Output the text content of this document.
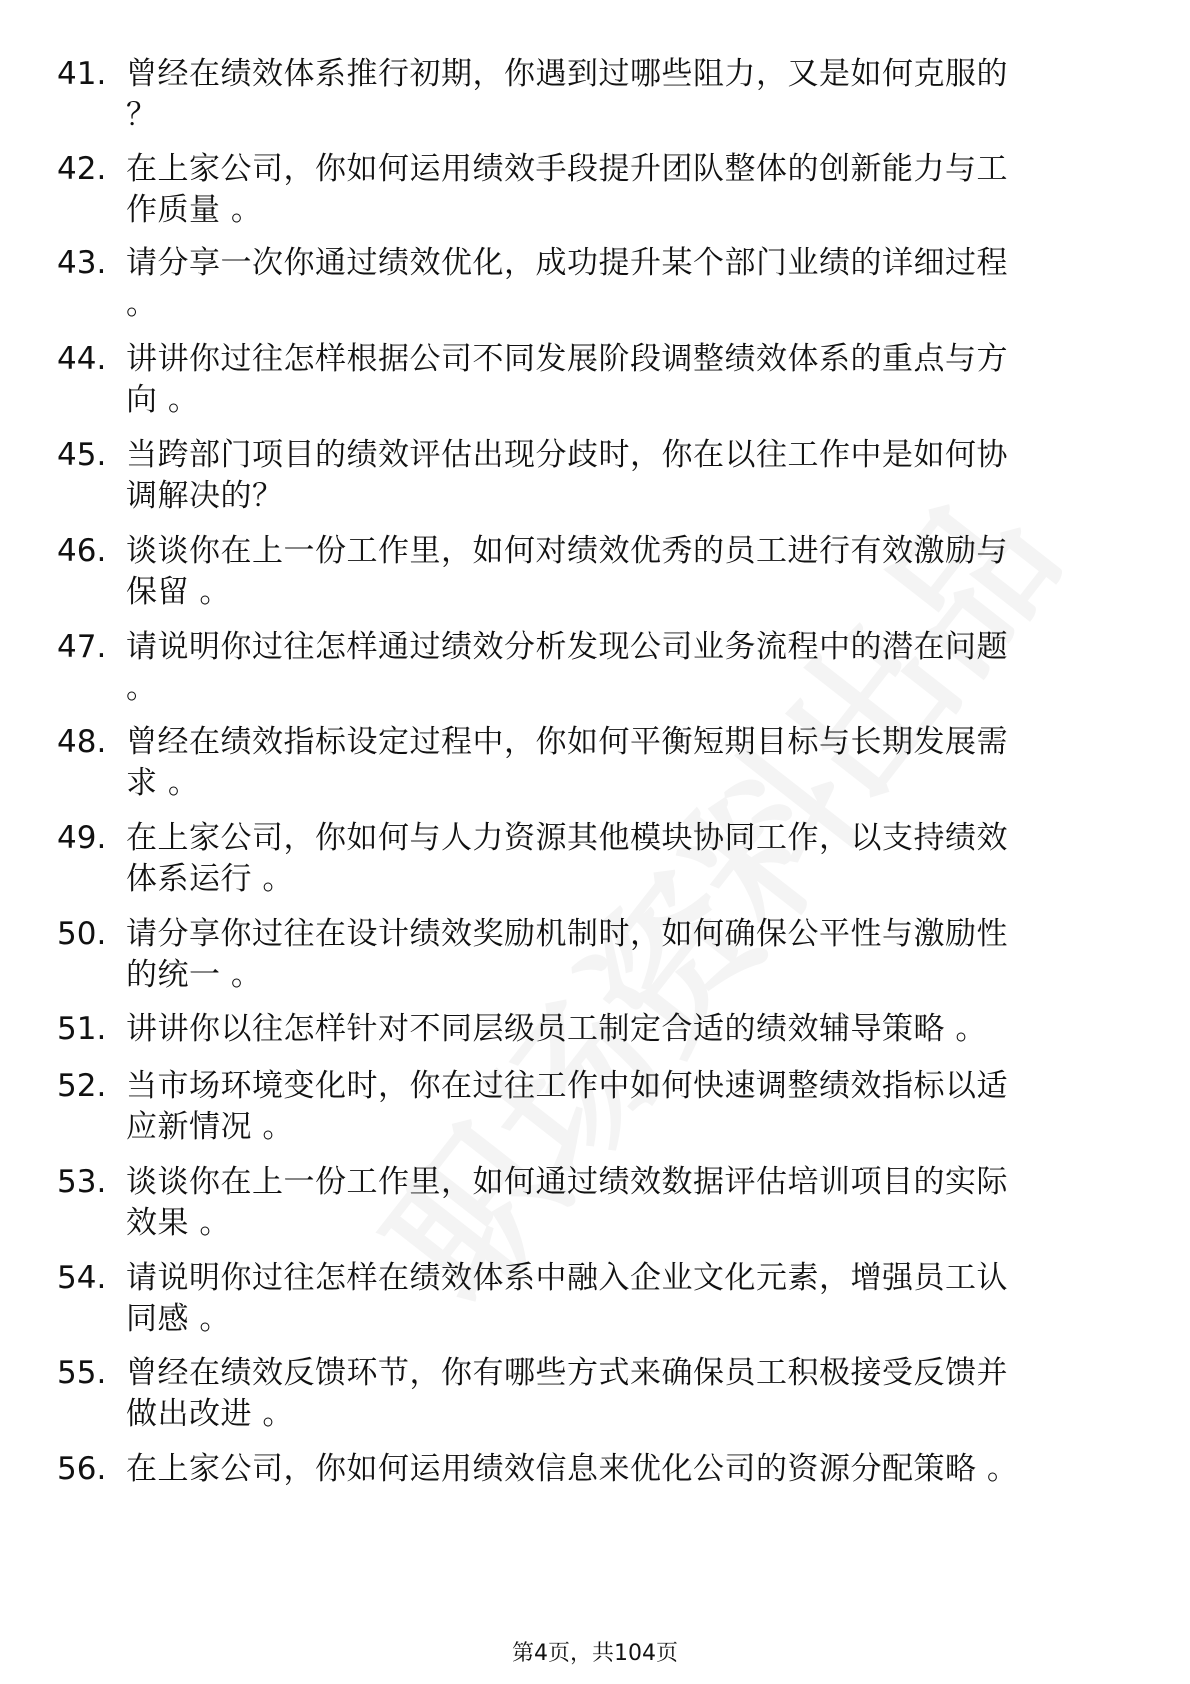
41. 曾经在绩效体系推行初期，你遇到过哪些阻力，又是如何克服的
？
42. 在上家公司，你如何运用绩效手段提升团队整体的创新能力与工
作质量 。
43. 请分享一次你通过绩效优化，成功提升某个部门业绩的详细过程
。
44. 讲讲你过往怎样根据公司不同发展阶段调整绩效体系的重点与方
向 。
45. 当跨部门项目的绩效评估出现分歧时，你在以往工作中是如何协
调解决的？
46. 谈谈你在上一份工作里，如何对绩效优秀的员工进行有效激励与
保留 。
47. 请说明你过往怎样通过绩效分析发现公司业务流程中的潜在问题
。
48. 曾经在绩效指标设定过程中，你如何平衡短期目标与长期发展需
求 。
49. 在上家公司，你如何与人力资源其他模块协同工作，以支持绩效
体系运行 。
50. 请分享你过往在设计绩效奖励机制时，如何确保公平性与激励性
的统一 。
51. 讲讲你以往怎样针对不同层级员工制定合适的绩效辅导策略 。
52. 当市场环境变化时，你在过往工作中如何快速调整绩效指标以适
应新情况 。
53. 谈谈你在上一份工作里，如何通过绩效数据评估培训项目的实际
效果 。
54. 请说明你过往怎样在绩效体系中融入企业文化元素，增强员工认
同感 。
55. 曾经在绩效反馈环节，你有哪些方式来确保员工积极接受反馈并
做出改进 。
56. 在上家公司，你如何运用绩效信息来优化公司的资源分配策略 。
第4页，共104页
